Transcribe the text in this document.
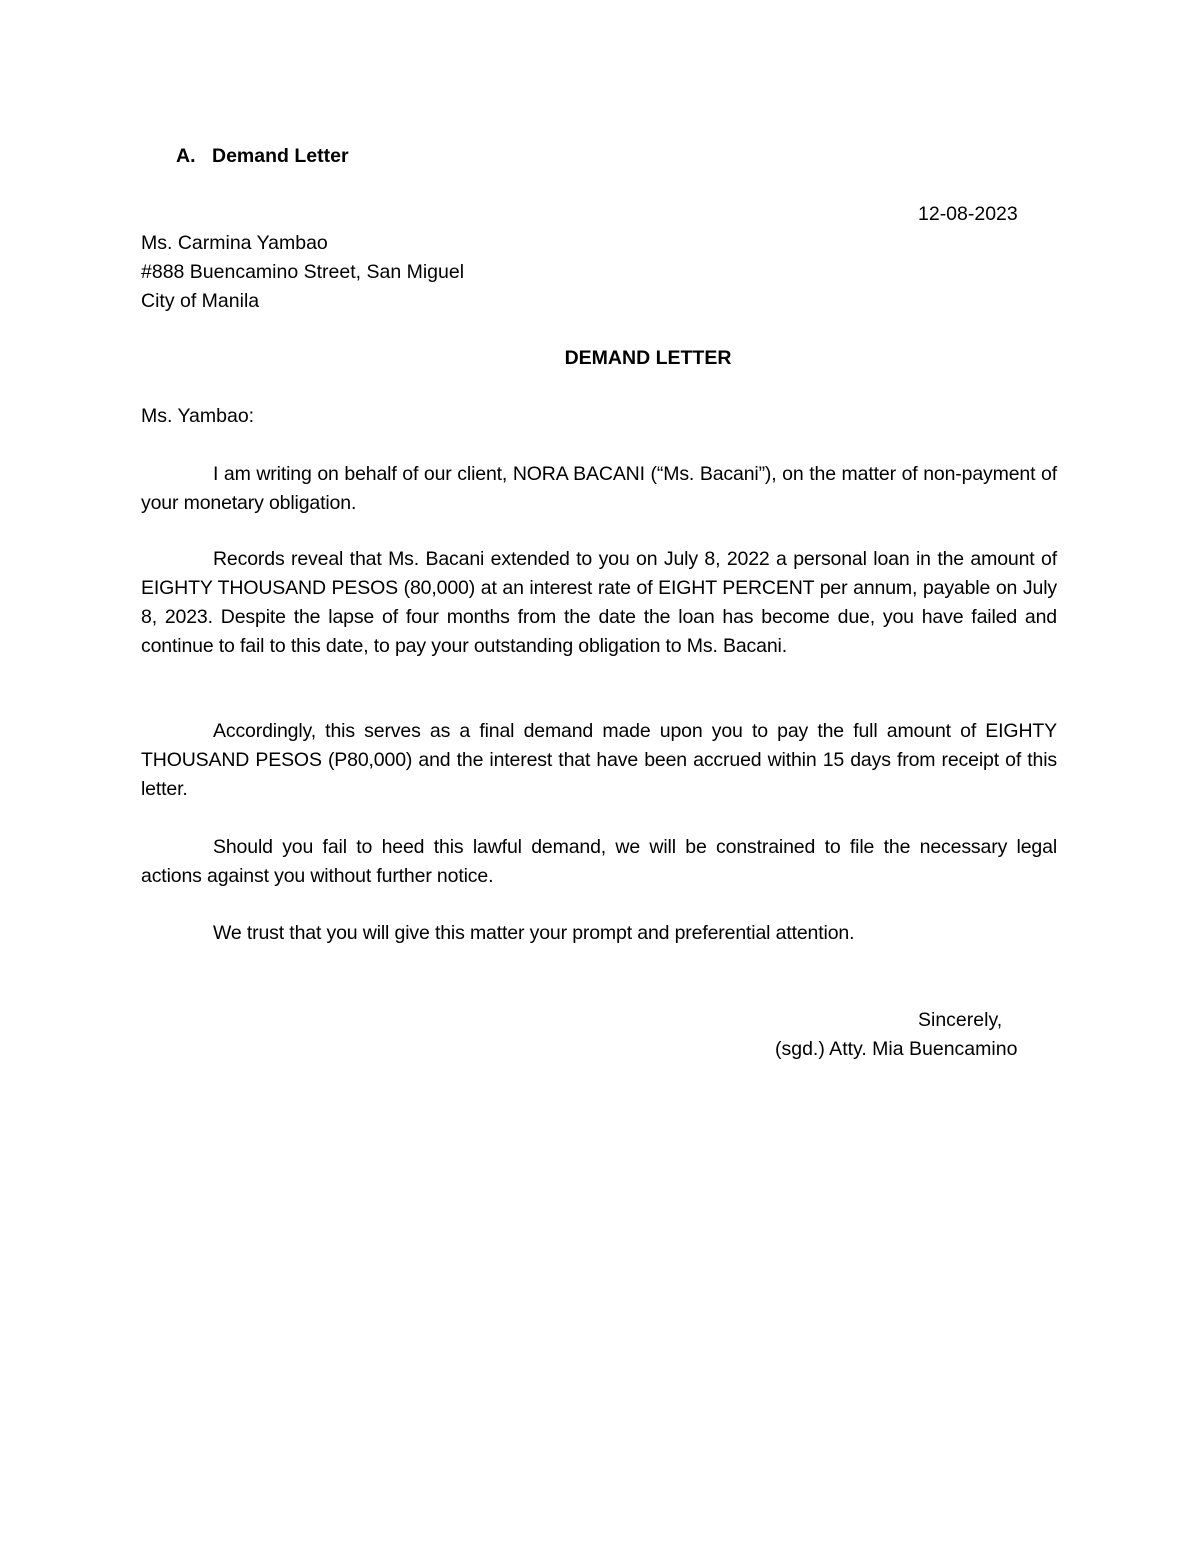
A. Demand Letter
12-08-2023
Ms. Carmina Yambao
#888 Buencamino Street, San Miguel
City of Manila
DEMAND LETTER
Ms. Yambao:
I am writing on behalf of our client, NORA BACANI (“Ms. Bacani”), on the matter of non-payment of your monetary obligation.
Records reveal that Ms. Bacani extended to you on July 8, 2022 a personal loan in the amount of EIGHTY THOUSAND PESOS (80,000) at an interest rate of EIGHT PERCENT per annum, payable on July 8, 2023. Despite the lapse of four months from the date the loan has become due, you have failed and continue to fail to this date, to pay your outstanding obligation to Ms. Bacani.
Accordingly, this serves as a final demand made upon you to pay the full amount of EIGHTY THOUSAND PESOS (P80,000) and the interest that have been accrued within 15 days from receipt of this letter.
Should you fail to heed this lawful demand, we will be constrained to file the necessary legal actions against you without further notice.
We trust that you will give this matter your prompt and preferential attention.
Sincerely,
(sgd.) Atty. Mia Buencamino
